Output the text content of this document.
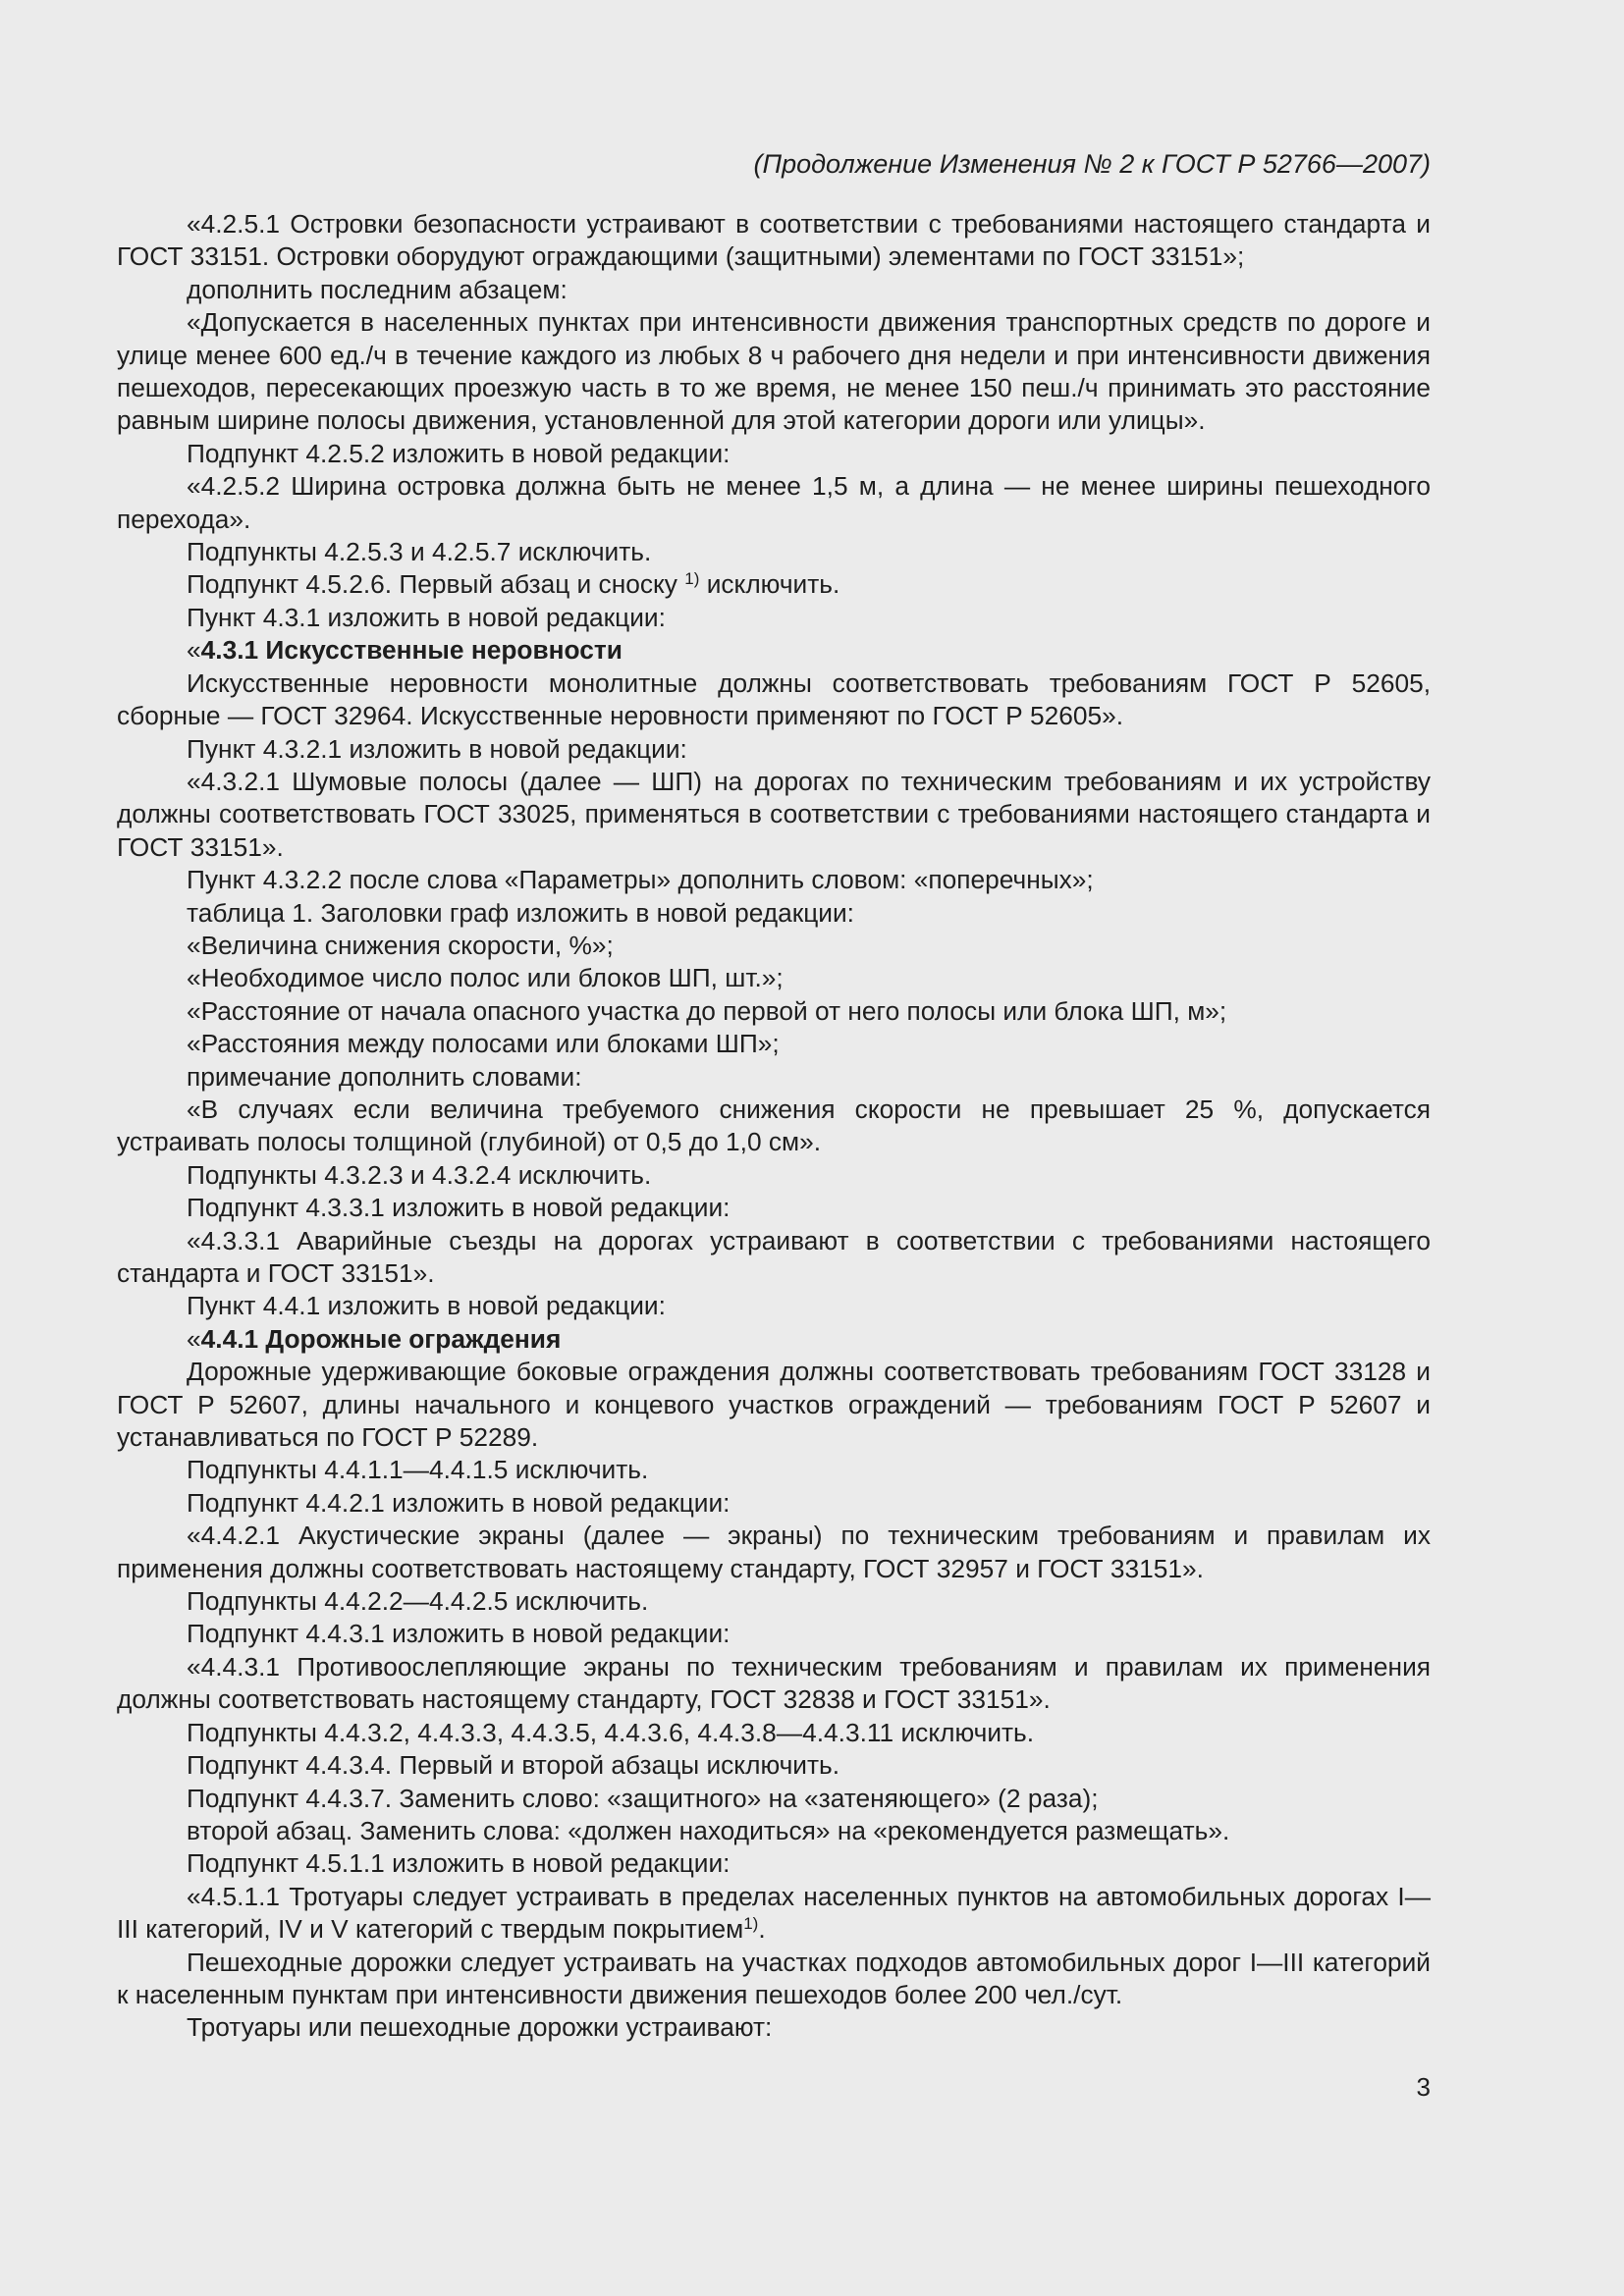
(Продолжение Изменения № 2 к ГОСТ Р 52766—2007)

«4.2.5.1 Островки безопасности устраивают в соответствии с требованиями настоящего стандарта и ГОСТ 33151. Островки оборудуют ограждающими (защитными) элементами по ГОСТ 33151»;

дополнить последним абзацем:

«Допускается в населенных пунктах при интенсивности движения транспортных средств по дороге и улице менее 600 ед./ч в течение каждого из любых 8 ч рабочего дня недели и при интенсивности движения пешеходов, пересекающих проезжую часть в то же время, не менее 150 пеш./ч принимать это расстояние равным ширине полосы движения, установленной для этой категории дороги или улицы».

Подпункт 4.2.5.2 изложить в новой редакции:

«4.2.5.2 Ширина островка должна быть не менее 1,5 м, а длина — не менее ширины пешеходного перехода».

Подпункты 4.2.5.3 и 4.2.5.7 исключить.

Подпункт 4.5.2.6. Первый абзац и сноску $^{1)}$ исключить.

Пункт 4.3.1 изложить в новой редакции:

«4.3.1 Искусственные неровности

Искусственные неровности монолитные должны соответствовать требованиям ГОСТ Р 52605, сборные — ГОСТ 32964. Искусственные неровности применяют по ГОСТ Р 52605».

Пункт 4.3.2.1 изложить в новой редакции:

«4.3.2.1 Шумовые полосы (далее — ШП) на дорогах по техническим требованиям и их устройству должны соответствовать ГОСТ 33025, применяться в соответствии с требованиями настоящего стандарта и ГОСТ 33151».

Пункт 4.3.2.2 после слова «Параметры» дополнить словом: «поперечных»;

таблица 1. Заголовки граф изложить в новой редакции:

«Величина снижения скорости, %»;

«Необходимое число полос или блоков ШП, шт.»;

«Расстояние от начала опасного участка до первой от него полосы или блока ШП, м»;

«Расстояния между полосами или блоками ШП»;

примечание дополнить словами:

«В случаях если величина требуемого снижения скорости не превышает 25 %, допускается устраивать полосы толщиной (глубиной) от 0,5 до 1,0 см».

Подпункты 4.3.2.3 и 4.3.2.4 исключить.

Подпункт 4.3.3.1 изложить в новой редакции:

«4.3.3.1 Аварийные съезды на дорогах устраивают в соответствии с требованиями настоящего стандарта и ГОСТ 33151».

Пункт 4.4.1 изложить в новой редакции:

«4.4.1 Дорожные ограждения

Дорожные удерживающие боковые ограждения должны соответствовать требованиям ГОСТ 33128 и ГОСТ Р 52607, длины начального и концевого участков ограждений — требованиям ГОСТ Р 52607 и устанавливаться по ГОСТ Р 52289.

Подпункты 4.4.1.1—4.4.1.5 исключить.

Подпункт 4.4.2.1 изложить в новой редакции:

«4.4.2.1 Акустические экраны (далее — экраны) по техническим требованиям и правилам их применения должны соответствовать настоящему стандарту, ГОСТ 32957 и ГОСТ 33151».

Подпункты 4.4.2.2—4.4.2.5 исключить.

Подпункт 4.4.3.1 изложить в новой редакции:

«4.4.3.1 Противоослепляющие экраны по техническим требованиям и правилам их применения должны соответствовать настоящему стандарту, ГОСТ 32838 и ГОСТ 33151».

Подпункты 4.4.3.2, 4.4.3.3, 4.4.3.5, 4.4.3.6, 4.4.3.8—4.4.3.11 исключить.

Подпункт 4.4.3.4. Первый и второй абзацы исключить.

Подпункт 4.4.3.7. Заменить слово: «защитного» на «затеняющего» (2 раза);

второй абзац. Заменить слова: «должен находиться» на «рекомендуется размещать».

Подпункт 4.5.1.1 изложить в новой редакции:

«4.5.1.1 Тротуары следует устраивать в пределах населенных пунктов на автомобильных дорогах I—III категорий, IV и V категорий с твердым покрытием$^{1)}$.

Пешеходные дорожки следует устраивать на участках подходов автомобильных дорог I—III категорий к населенным пунктам при интенсивности движения пешеходов более 200 чел./сут.

Тротуары или пешеходные дорожки устраивают:

3
